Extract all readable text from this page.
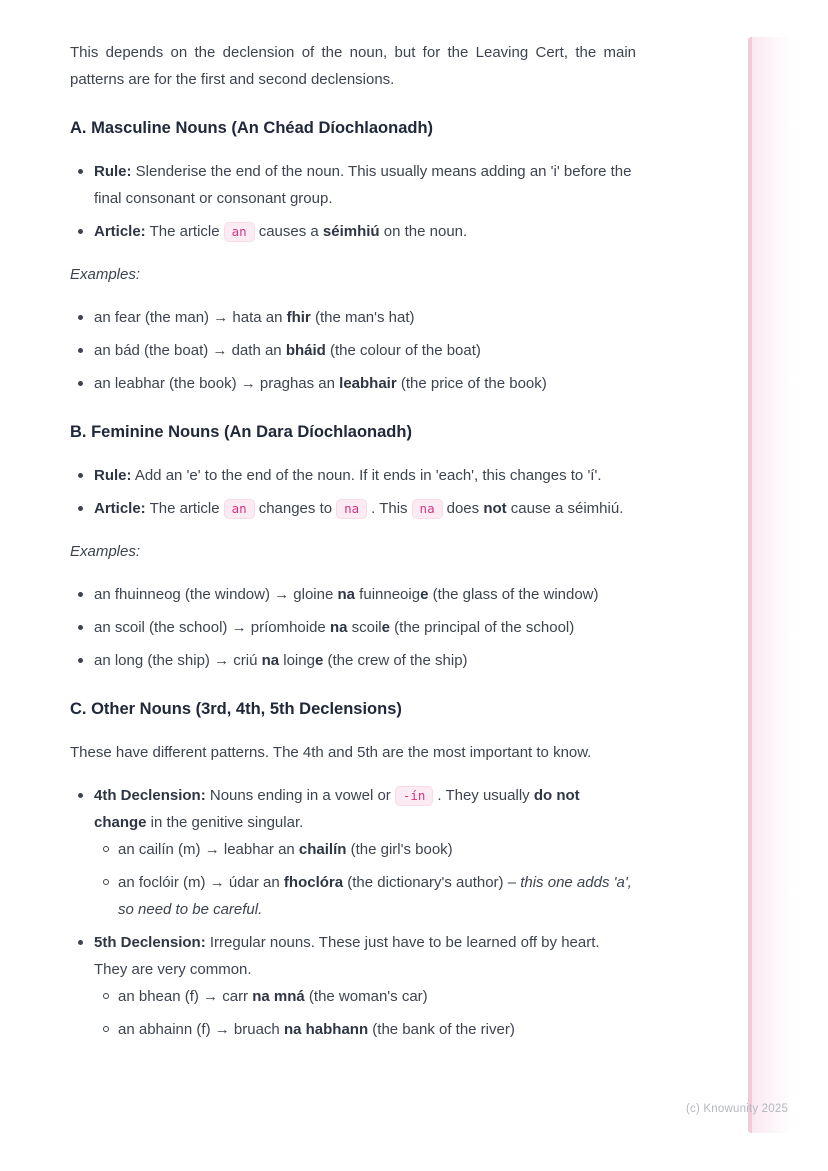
(c) Knowunity 2025

This depends on the declension of the noun, but for the Leaving Cert, the main patterns are for the first and second declensions.

A. Masculine Nouns (An Chéad Díochlaonadh)
Rule: Slenderise the end of the noun. This usually means adding an 'i' before the final consonant or consonant group.
Article: The article an causes a séimhiú on the noun.

Examples:

an fear (the man) → hata an fhir (the man's hat)
an bád (the boat) → dath an bháid (the colour of the boat)
an leabhar (the book) → praghas an leabhair (the price of the book)
B. Feminine Nouns (An Dara Díochlaonadh)
Rule: Add an 'e' to the end of the noun. If it ends in 'each', this changes to 'í'.
Article: The article an changes to na . This na does not cause a séimhiú.

Examples:

an fhuinneog (the window) → gloine na fuinneoige (the glass of the window)
an scoil (the school) → príomhoide na scoile (the principal of the school)
an long (the ship) → criú na loinge (the crew of the ship)
C. Other Nouns (3rd, 4th, 5th Declensions)

These have different patterns. The 4th and 5th are the most important to know.

4th Declension: Nouns ending in a vowel or -ín . They usually do not change in the genitive singular.
an cailín (m) → leabhar an chailín (the girl's book)
an foclóir (m) → údar an fhoclóra (the dictionary's author) – this one adds 'a', so need to be careful.
5th Declension: Irregular nouns. These just have to be learned off by heart. They are very common.
an bhean (f) → carr na mná (the woman's car)
an abhainn (f) → bruach na habhann (the bank of the river)
